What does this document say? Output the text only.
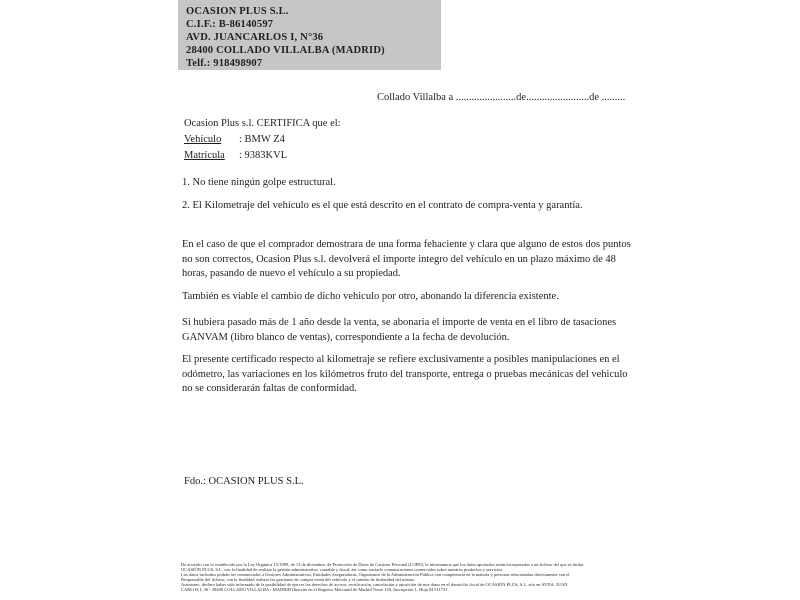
OCASION PLUS S.L.
C.I.F.: B-86140597
AVD. JUANCARLOS I, N°36
28400 COLLADO VILLALBA (MADRID)
Telf.: 918498907
Collado Villalba a .......................de........................de .........
Ocasion Plus s.l. CERTIFICA que el:
Vehículo : BMW Z4
Matrícula : 9383KVL
1. No tiene ningún golpe estructural.
2. El Kilometraje del vehículo es el que está descrito en el contrato de compra-venta y garantía.
En el caso de que el comprador demostrara de una forma fehaciente y clara que alguno de estos dos puntos no son correctos, Ocasion Plus s.l. devolverá el importe integro del vehículo en un plazo máximo de 48 horas, pasando de nuevo el vehículo a su propiedad.
También es viable el cambio de dicho vehiculo por otro, abonando la diferencia existente.
Si hubiera pasado más de 1 año desde la venta, se abonaría el importe de venta en el libro de tasaciones GANVAM (libro blanco de ventas), correspondiente a la fecha de devolución.
El presente certificado respecto al kilometraje se refiere exclusivamente a posibles manipulaciones en el odómetro, las variaciones en los kilómetros fruto del transporte, entrega o pruebas mecánicas del vehiculo no se considerarán faltas de conformidad.
Fdo.: OCASION PLUS S.L.
De acuerdo con lo establecido por la Ley Orgánica 15/1999, de 13 de diciembre, de Protección de Datos de Carácter Personal (LOPD), le informamos que los datos aportados serán incorporados a un fichero del que es titular
OCASIÓN PLUS, S.L. con la finalidad de realizar la gestión administrativa, contable y fiscal, así como enviarle comunicaciones comerciales sobre nuestros productos y servicios.
Los datos incluidos podrán ser comunicados a Gestores Administrativos, Entidades Aseguradoras, Organismos de la Administración Pública con competencia en la materia y personas relacionadas directamente con el
Responsable del fichero, con la finalidad realizar las gestiones de compra venta del vehículo y el cambio de titularidad del mismo.
Asimismo, declaro haber sido informado de la posibilidad de ejercer los derechos de acceso, rectificación, cancelación y oposición de mis datos en el domicilio fiscal de OCASIÓN PLUS, S.L. sito en AVDA. JUAN
CARLOS I, 36 - 28400 COLLADO VILLALBA - MADRID (Inscrita en el Registro Mercantil de Madrid Tomo 150, Inscripción 1, Hoja M 511731
